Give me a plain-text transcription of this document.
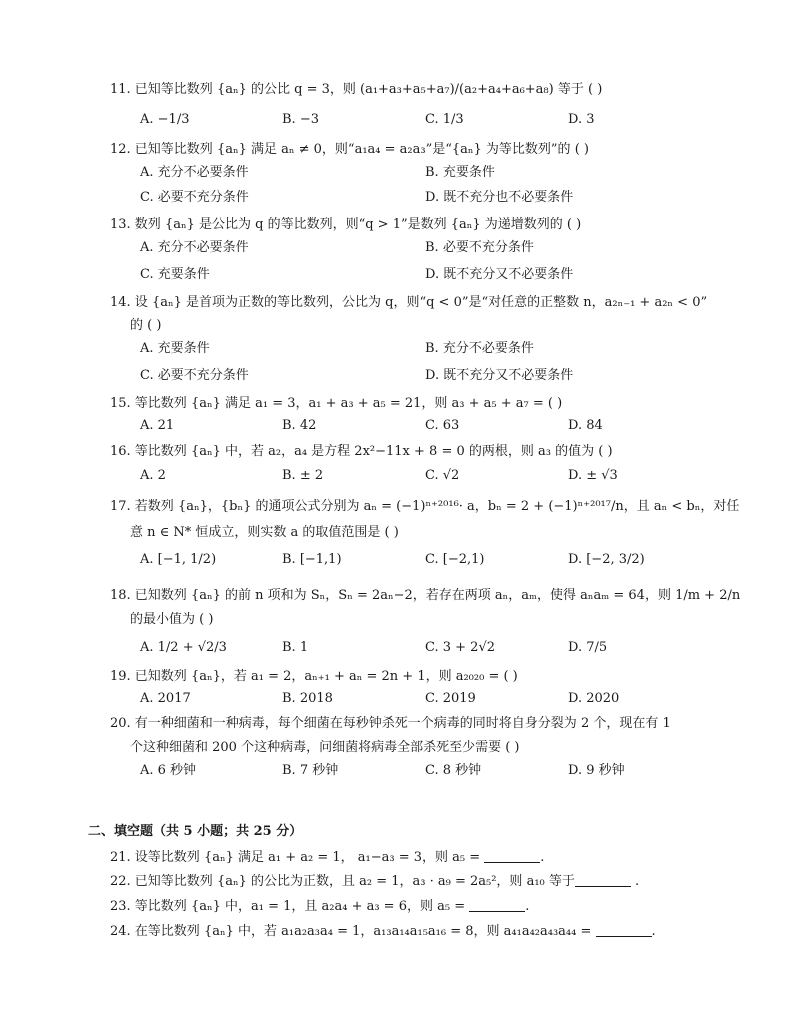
11. 已知等比数列 {aₙ} 的公比 q = 3，则 (a₁+a₃+a₅+a₇)/(a₂+a₄+a₆+a₈) 等于 ( )
A. −1/3	B. −3	C. 1/3	D. 3
12. 已知等比数列 {aₙ} 满足 aₙ ≠ 0，则“a₁a₄ = a₂a₃”是“{aₙ} 为等比数列”的 ( )
A. 充分不必要条件	B. 充要条件
C. 必要不充分条件	D. 既不充分也不必要条件
13. 数列 {aₙ} 是公比为 q 的等比数列，则“q > 1”是数列 {aₙ} 为递增数列的 ( )
A. 充分不必要条件	B. 必要不充分条件
C. 充要条件	D. 既不充分又不必要条件
14. 设 {aₙ} 是首项为正数的等比数列，公比为 q，则“q < 0”是“对任意的正整数 n，a₂ₙ₋₁ + a₂ₙ < 0”
的 ( )
A. 充要条件	B. 充分不必要条件
C. 必要不充分条件	D. 既不充分又不必要条件
15. 等比数列 {aₙ} 满足 a₁ = 3，a₁ + a₃ + a₅ = 21，则 a₃ + a₅ + a₇ = ( )
A. 21	B. 42	C. 63	D. 84
16. 等比数列 {aₙ} 中，若 a₂，a₄ 是方程 2x²−11x + 8 = 0 的两根，则 a₃ 的值为 ( )
A. 2	B. ± 2	C. √2	D. ± √3
17. 若数列 {aₙ}，{bₙ} 的通项公式分别为 aₙ = (−1)ⁿ⁺²⁰¹⁶· a，bₙ = 2 + (−1)ⁿ⁺²⁰¹⁷/n，且 aₙ < bₙ，对任
意 n ∈ N* 恒成立，则实数 a 的取值范围是 ( )
A. [−1, 1/2)	B. [−1,1)	C. [−2,1)	D. [−2, 3/2)
18. 已知数列 {aₙ} 的前 n 项和为 Sₙ，Sₙ = 2aₙ−2，若存在两项 aₙ，aₘ，使得 aₙaₘ = 64，则 1/m + 2/n
的最小值为 ( )
A. 1/2 + √2/3	B. 1	C. 3 + 2√2	D. 7/5
19. 已知数列 {aₙ}，若 a₁ = 2，aₙ₊₁ + aₙ = 2n + 1，则 a₂₀₂₀ = ( )
A. 2017	B. 2018	C. 2019	D. 2020
20. 有一种细菌和一种病毒，每个细菌在每秒钟杀死一个病毒的同时将自身分裂为 2 个，现在有 1
个这种细菌和 200 个这种病毒，问细菌将病毒全部杀死至少需要 ( )
A. 6 秒钟	B. 7 秒钟	C. 8 秒钟	D. 9 秒钟
二、填空题（共 5 小题；共 25 分）
21. 设等比数列 {aₙ} 满足 a₁ + a₂ = 1， a₁−a₃ = 3，则 a₅ =	.
22. 已知等比数列 {aₙ} 的公比为正数，且 a₂ = 1，a₃ · a₉ = 2a₅²，则 a₁₀ 等于	.
23. 等比数列 {aₙ} 中，a₁ = 1，且 a₂a₄ + a₃ = 6，则 a₅ =	.
24. 在等比数列 {aₙ} 中，若 a₁a₂a₃a₄ = 1，a₁₃a₁₄a₁₅a₁₆ = 8，则 a₄₁a₄₂a₄₃a₄₄ =	.
